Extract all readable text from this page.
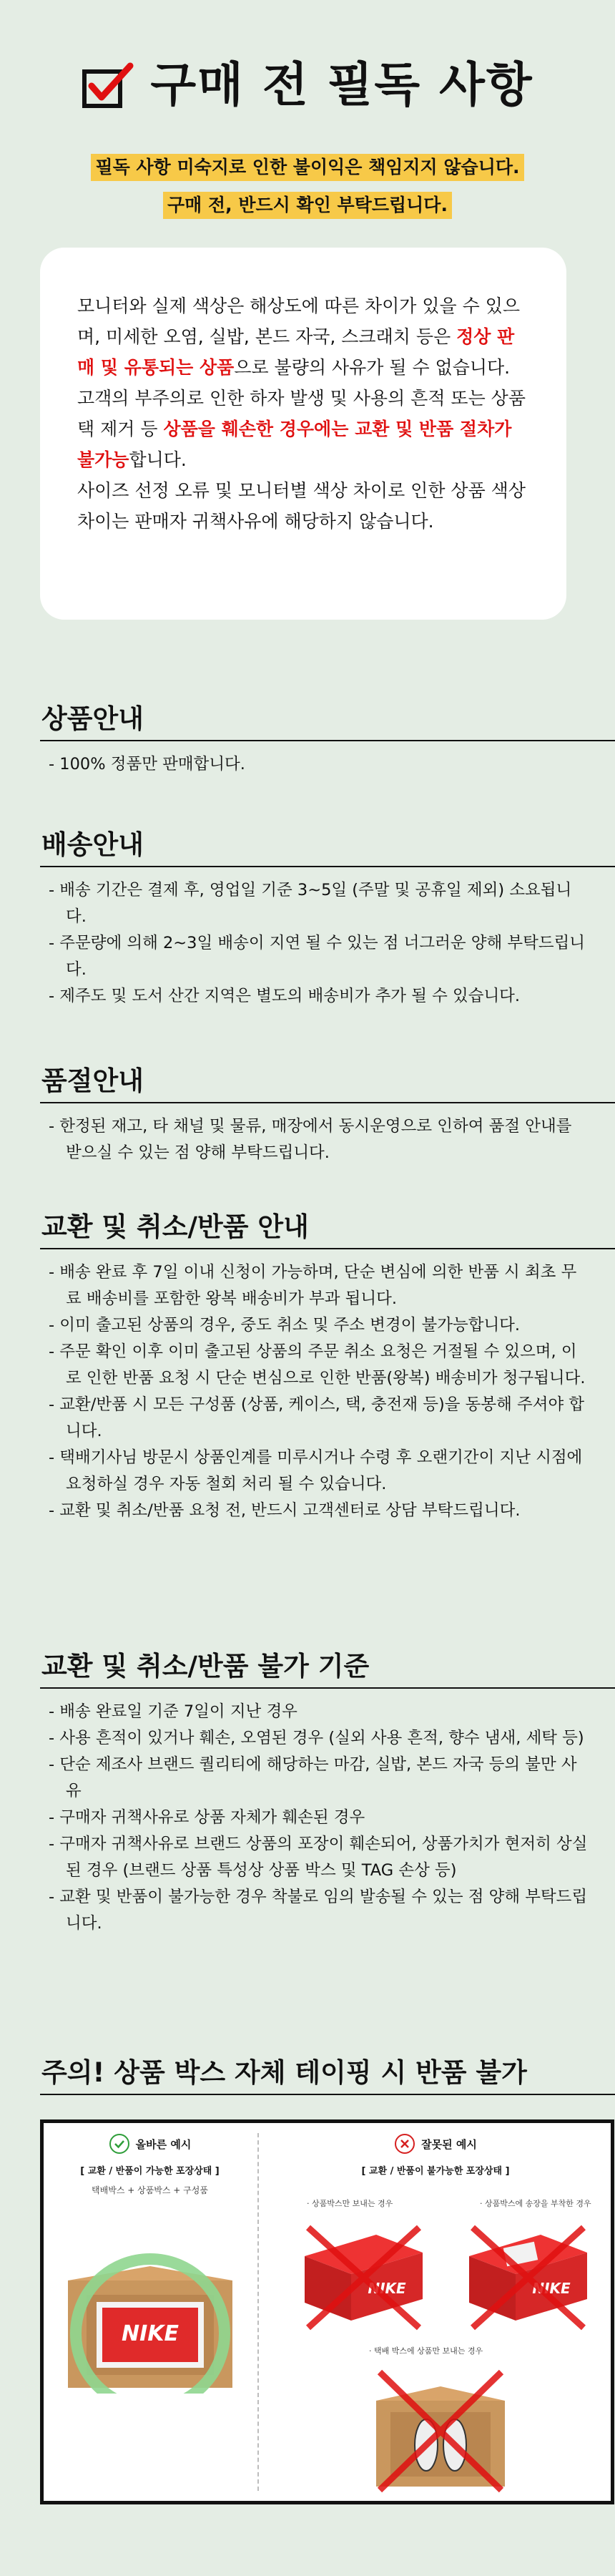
구매 전 필독 사항
필독 사항 미숙지로 인한 불이익은 책임지지 않습니다.
구매 전, 반드시 확인 부탁드립니다.

모니터와 실제 색상은 해상도에 따른 차이가 있을 수 있으며, 미세한 오염, 실밥, 본드 자국, 스크래치 등은 정상 판매 및 유통되는 상품으로 불량의 사유가 될 수 없습니다.

고객의 부주의로 인한 하자 발생 및 사용의 흔적 또는 상품 택 제거 등 상품을 훼손한 경우에는 교환 및 반품 절차가 불가능합니다.

사이즈 선정 오류 및 모니터별 색상 차이로 인한 상품 색상 차이는 판매자 귀책사유에 해당하지 않습니다.

상품안내
- 100% 정품만 판매합니다.
배송안내
- 배송 기간은 결제 후, 영업일 기준 3~5일 (주말 및 공휴일 제외) 소요됩니다.
- 주문량에 의해 2~3일 배송이 지연 될 수 있는 점 너그러운 양해 부탁드립니다.
- 제주도 및 도서 산간 지역은 별도의 배송비가 추가 될 수 있습니다.
품절안내
- 한정된 재고, 타 채널 및 물류, 매장에서 동시운영으로 인하여 품절 안내를 받으실 수 있는 점 양해 부탁드립니다.
교환 및 취소/반품 안내
- 배송 완료 후 7일 이내 신청이 가능하며, 단순 변심에 의한 반품 시 최초 무료 배송비를 포함한 왕복 배송비가 부과 됩니다.
- 이미 출고된 상품의 경우, 중도 취소 및 주소 변경이 불가능합니다.
- 주문 확인 이후 이미 출고된 상품의 주문 취소 요청은 거절될 수 있으며, 이로 인한 반품 요청 시 단순 변심으로 인한 반품(왕복) 배송비가 청구됩니다.
- 교환/반품 시 모든 구성품 (상품, 케이스, 택, 충전재 등)을 동봉해 주셔야 합니다.
- 택배기사님 방문시 상품인계를 미루시거나 수령 후 오랜기간이 지난 시점에 요청하실 경우 자동 철회 처리 될 수 있습니다.
- 교환 및 취소/반품 요청 전, 반드시 고객센터로 상담 부탁드립니다.
교환 및 취소/반품 불가 기준
- 배송 완료일 기준 7일이 지난 경우
- 사용 흔적이 있거나 훼손, 오염된 경우 (실외 사용 흔적, 향수 냄새, 세탁 등)
- 단순 제조사 브랜드 퀄리티에 해당하는 마감, 실밥, 본드 자국 등의 불만 사유
- 구매자 귀책사유로 상품 자체가 훼손된 경우
- 구매자 귀책사유로 브랜드 상품의 포장이 훼손되어, 상품가치가 현저히 상실된 경우 (브랜드 상품 특성상 상품 박스 및 TAG 손상 등)
- 교환 및 반품이 불가능한 경우 착불로 임의 발송될 수 있는 점 양해 부탁드립니다.
주의! 상품 박스 자체 테이핑 시 반품 불가
올바른 예시
[ 교환 / 반품이 가능한 포장상태 ]
택배박스 + 상품박스 + 구성품
NIKE
잘못된 예시
[ 교환 / 반품이 불가능한 포장상태 ]
· 상품박스만 보내는 경우	· 상품박스에 송장을 부착한 경우
· 택배 박스에 상품만 보내는 경우
NIKE	NIKE
